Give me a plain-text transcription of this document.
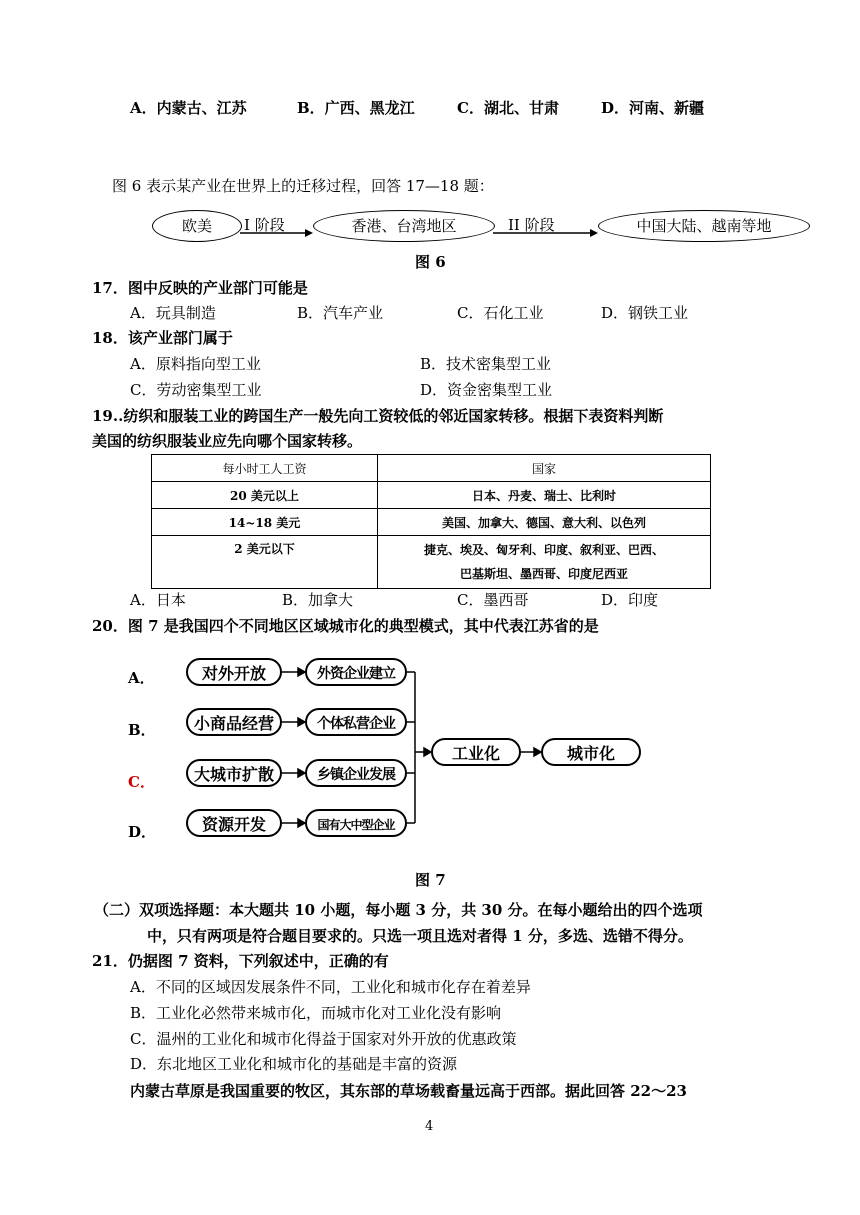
A．内蒙古、江苏	B．广西、黑龙江	C．湖北、甘肃	D．河南、新疆
图 6 表示某产业在世界上的迁移过程，回答 17—18 题：
欧美	I 阶段	香港、台湾地区	II 阶段	中国大陆、越南等地
图 6
17．图中反映的产业部门可能是
A．玩具制造	B．汽车产业	C．石化工业	D．钢铁工业
18．该产业部门属于
A．原料指向型工业	B．技术密集型工业
C．劳动密集型工业	D．资金密集型工业
19..纺织和服装工业的跨国生产一般先向工资较低的邻近国家转移。根据下表资料判断
美国的纺织服装业应先向哪个国家转移。
每小时工人工资	国家
20 美元以上	日本、丹麦、瑞士、比利时
14~18 美元	美国、加拿大、德国、意大利、以色列
2 美元以下	捷克、埃及、匈牙利、印度、叙利亚、巴西、
巴基斯坦、墨西哥、印度尼西亚
A．日本	B．加拿大	C．墨西哥	D．印度
20．图 7 是我国四个不同地区区域城市化的典型模式，其中代表江苏省的是
A．
B．
C．
D．
对外开放
小商品经营
大城市扩散
资源开发
外资企业建立
个体私营企业
乡镇企业发展
国有大中型企业
工业化	城市化
图 7
（二）双项选择题：本大题共 10 小题，每小题 3 分，共 30 分。在每小题给出的四个选项
中，只有两项是符合题目要求的。只选一项且选对者得 1 分，多选、选错不得分。
21．仍据图 7 资料，下列叙述中，正确的有
A．不同的区域因发展条件不同，工业化和城市化存在着差异
B．工业化必然带来城市化，而城市化对工业化没有影响
C．温州的工业化和城市化得益于国家对外开放的优惠政策
D．东北地区工业化和城市化的基础是丰富的资源
内蒙古草原是我国重要的牧区，其东部的草场载畜量远高于西部。据此回答 22～23
4
